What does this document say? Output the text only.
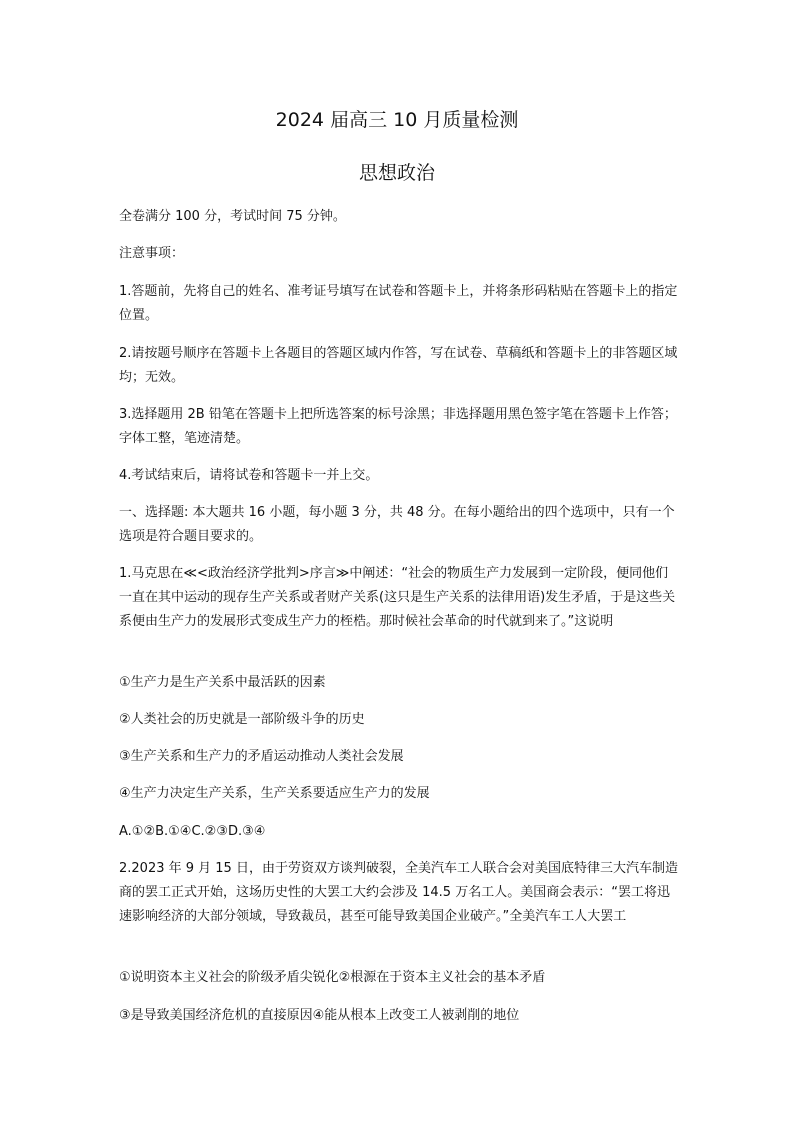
2024 届高三 10 月质量检测
思想政治

全卷满分 100 分，考试时间 75 分钟。

注意事项：

1.答题前，先将自己的姓名、准考证号填写在试卷和答题卡上，并将条形码粘贴在答题卡上的指定位置。

2.请按题号顺序在答题卡上各题目的答题区域内作答，写在试卷、草稿纸和答题卡上的非答题区域均；无效。

3.选择题用 2B 铅笔在答题卡上把所选答案的标号涂黑；非选择题用黑色签字笔在答题卡上作答；字体工整，笔迹清楚。

4.考试结束后，请将试卷和答题卡一并上交。

一、选择题: 本大题共 16 小题，每小题 3 分，共 48 分。在每小题给出的四个选项中，只有一个选项是符合题目要求的。

1.马克思在≪<政治经济学批判>序言≫中阐述：“社会的物质生产力发展到一定阶段，便同他们一直在其中运动的现存生产关系或者财产关系(这只是生产关系的法律用语)发生矛盾，于是这些关系便由生产力的发展形式变成生产力的桎梏。那时候社会革命的时代就到来了。”这说明

①生产力是生产关系中最活跃的因素

②人类社会的历史就是一部阶级斗争的历史

③生产关系和生产力的矛盾运动推动人类社会发展

④生产力决定生产关系，生产关系要适应生产力的发展

A.①②B.①④C.②③D.③④

2.2023 年 9 月 15 日，由于劳资双方谈判破裂，全美汽车工人联合会对美国底特律三大汽车制造商的罢工正式开始，这场历史性的大罢工大约会涉及 14.5 万名工人。美国商会表示：“罢工将迅速影响经济的大部分领域，导致裁员，甚至可能导致美国企业破产。”全美汽车工人大罢工

①说明资本主义社会的阶级矛盾尖锐化②根源在于资本主义社会的基本矛盾

③是导致美国经济危机的直接原因④能从根本上改变工人被剥削的地位
